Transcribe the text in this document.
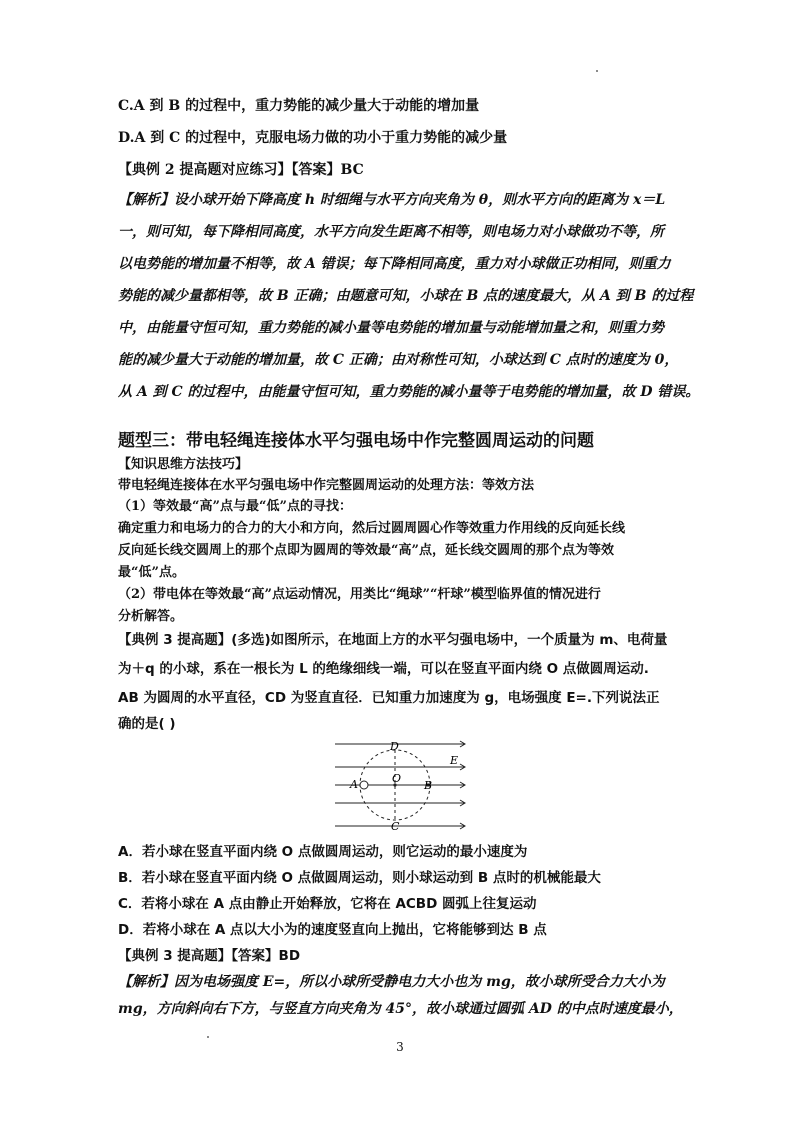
C.A 到 B 的过程中，重力势能的减少量大于动能的增加量
D.A 到 C 的过程中，克服电场力做的功小于重力势能的减少量
【典例 2 提高题对应练习】【答案】BC
【解析】设小球开始下降高度 h 时细绳与水平方向夹角为 θ，则水平方向的距离为 x＝L
一，则可知，每下降相同高度，水平方向发生距离不相等，则电场力对小球做功不等，所
以电势能的增加量不相等，故 A 错误；每下降相同高度，重力对小球做正功相同，则重力
势能的减少量都相等，故 B 正确；由题意可知，小球在 B 点的速度最大，从 A 到 B 的过程
中，由能量守恒可知，重力势能的减小量等电势能的增加量与动能增加量之和，则重力势
能的减少量大于动能的增加量，故 C 正确；由对称性可知，小球达到 C 点时的速度为 0，
从 A 到 C 的过程中，由能量守恒可知，重力势能的减小量等于电势能的增加量，故 D 错误。
题型三：带电轻绳连接体水平匀强电场中作完整圆周运动的问题
【知识思维方法技巧】
带电轻绳连接体在水平匀强电场中作完整圆周运动的处理方法：等效方法
（1）等效最“高”点与最“低”点的寻找：
确定重力和电场力的合力的大小和方向，然后过圆周圆心作等效重力作用线的反向延长线
反向延长线交圆周上的那个点即为圆周的等效最“高”点，延长线交圆周的那个点为等效
最“低”点。
（2）带电体在等效最“高”点运动情况，用类比“绳球”“杆球”模型临界值的情况进行
分析解答。
【典例 3 提高题】(多选)如图所示，在地面上方的水平匀强电场中，一个质量为 m、电荷量
为＋q 的小球，系在一根长为 L 的绝缘细线一端，可以在竖直平面内绕 O 点做圆周运动.
AB 为圆周的水平直径，CD 为竖直直径．已知重力加速度为 g，电场强度 E=.下列说法正
确的是( )
D
E
A	O
B
C
A．若小球在竖直平面内绕 O 点做圆周运动，则它运动的最小速度为
B．若小球在竖直平面内绕 O 点做圆周运动，则小球运动到 B 点时的机械能最大
C．若将小球在 A 点由静止开始释放，它将在 ACBD 圆弧上往复运动
D．若将小球在 A 点以大小为的速度竖直向上抛出，它将能够到达 B 点
【典例 3 提高题】【答案】BD
【解析】因为电场强度 E=，所以小球所受静电力大小也为 mg，故小球所受合力大小为
mg，方向斜向右下方，与竖直方向夹角为 45°，故小球通过圆弧 AD 的中点时速度最小，
3
